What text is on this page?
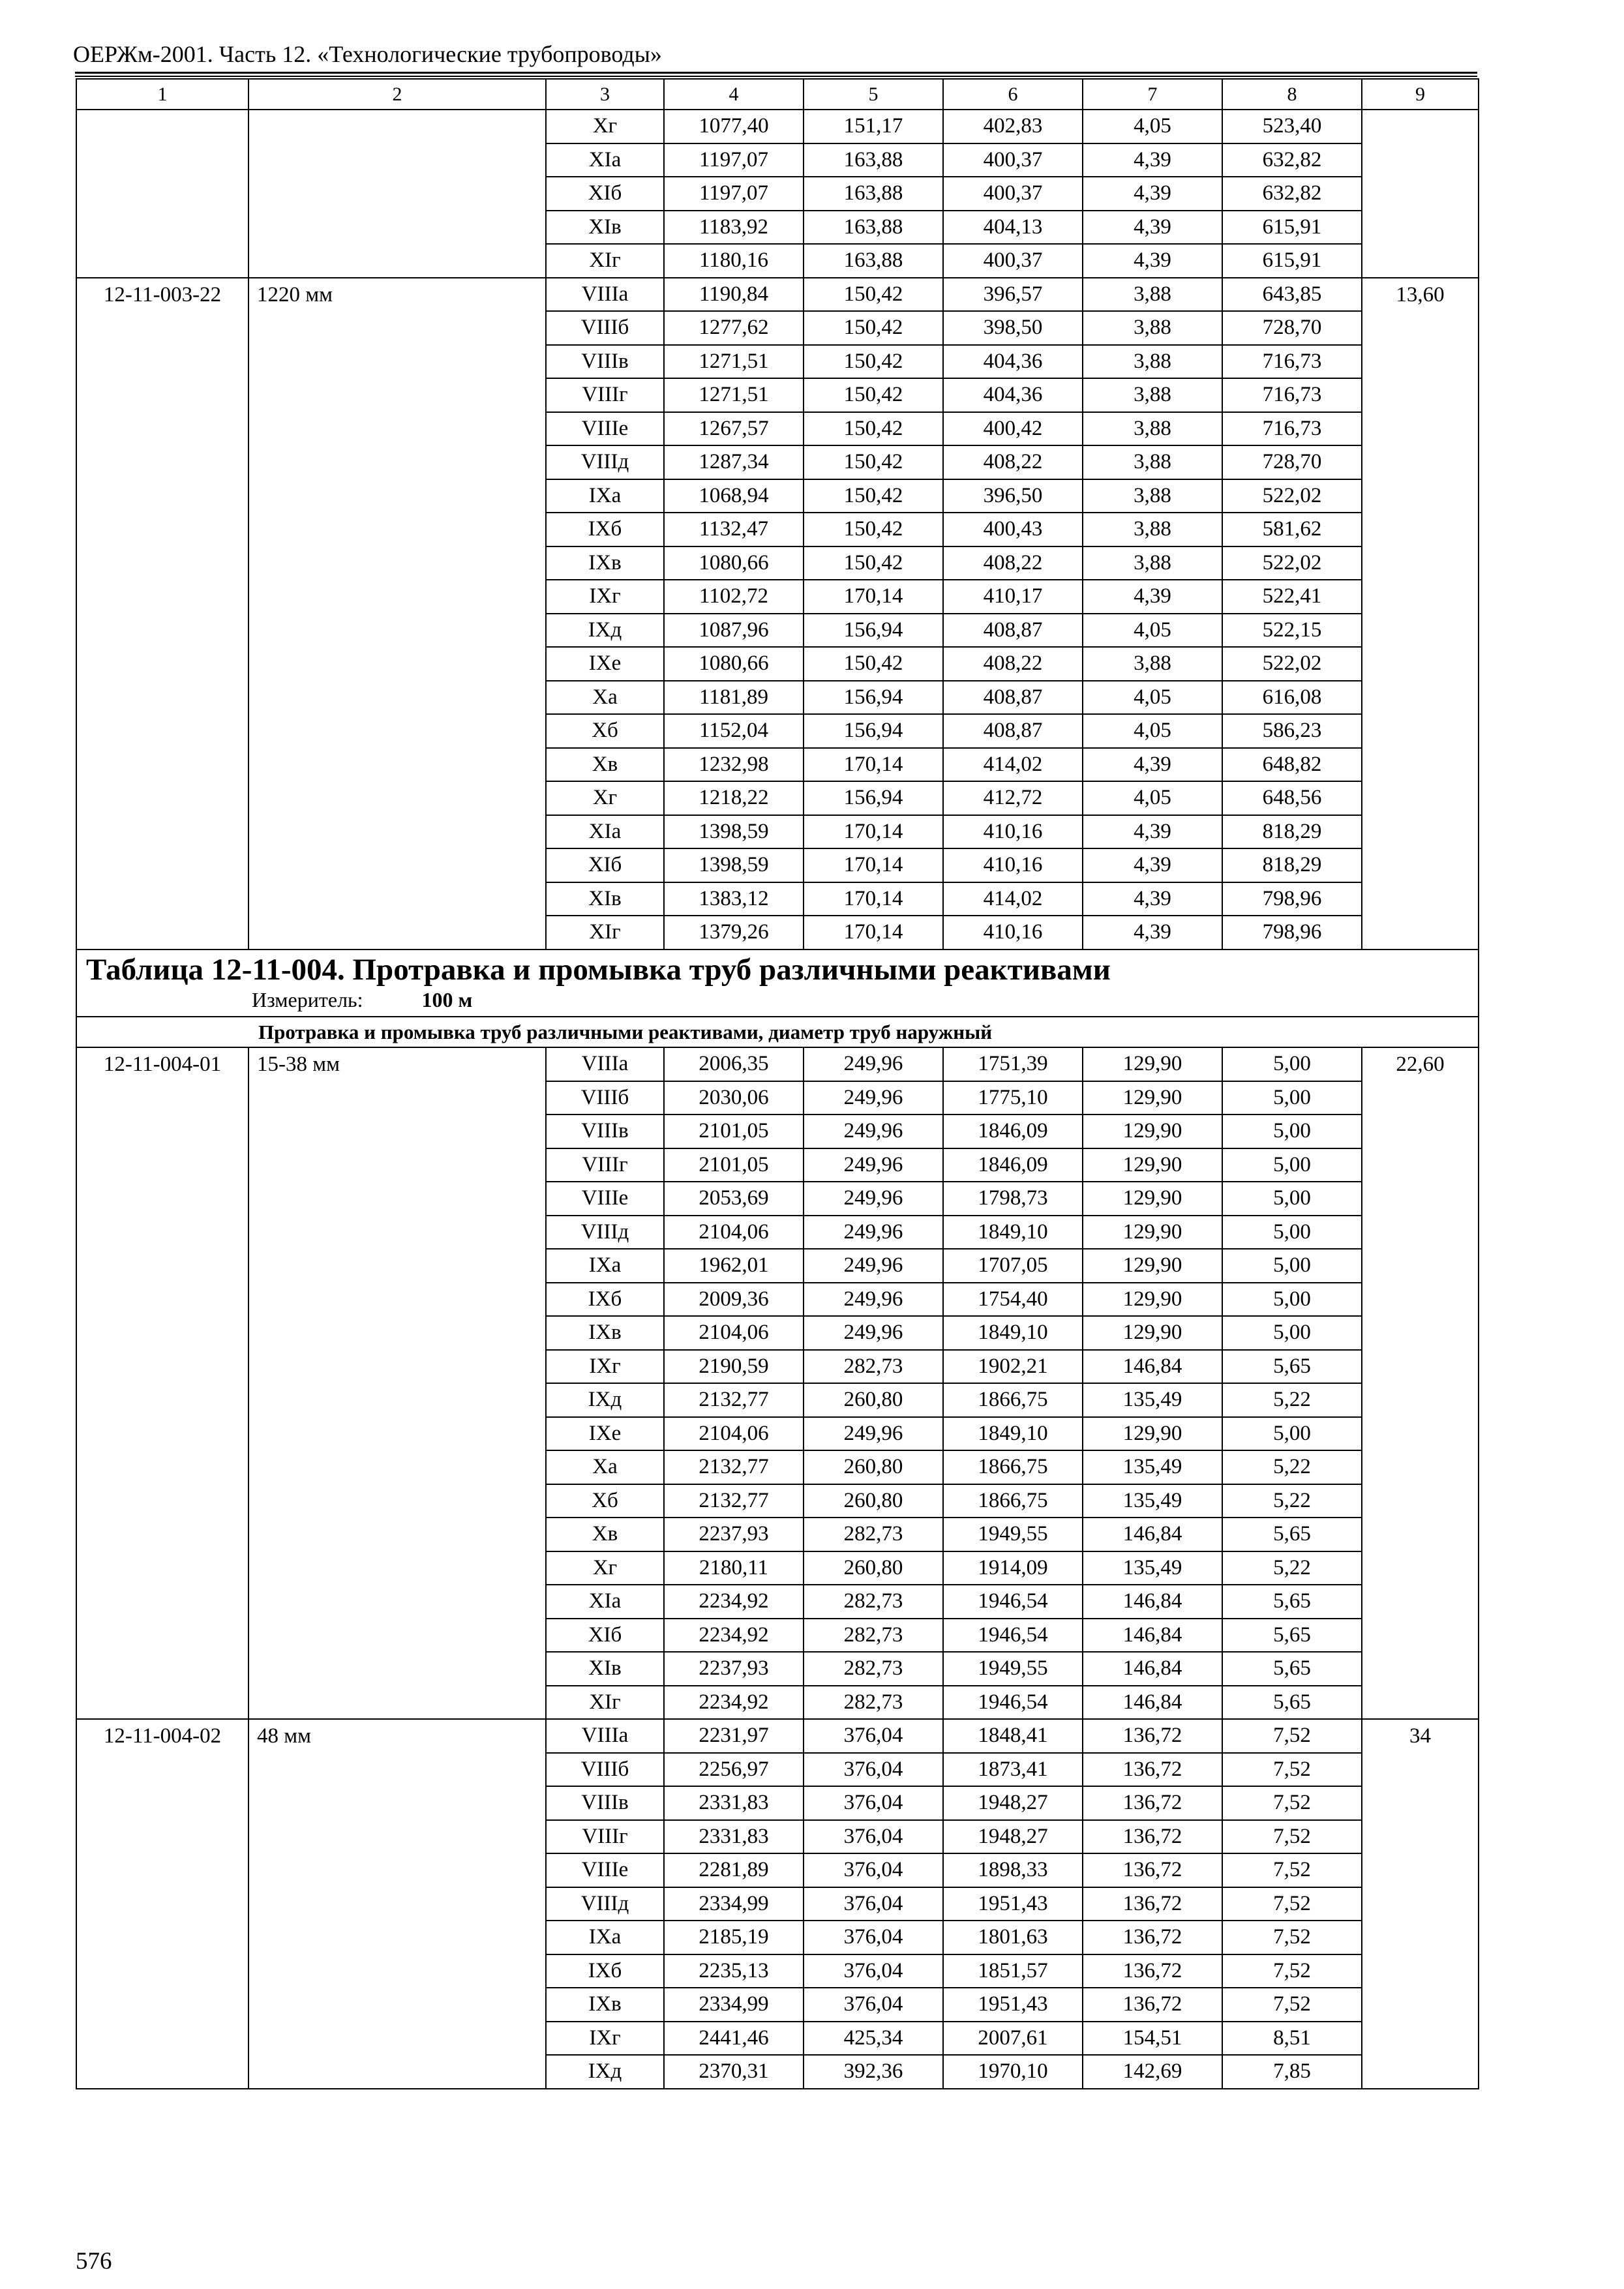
ОЕРЖм-2001. Часть 12. «Технологические трубопроводы»
1	2	3	4	5	6	7	8	9
		Xг	1077,40	151,17	402,83	4,05	523,40	
		XIа	1197,07	163,88	400,37	4,39	632,82	
		XIб	1197,07	163,88	400,37	4,39	632,82	
		XIв	1183,92	163,88	404,13	4,39	615,91	
		XIг	1180,16	163,88	400,37	4,39	615,91	
12-11-003-22	1220 мм	VIIIа	1190,84	150,42	396,57	3,88	643,85	13,60
		VIIIб	1277,62	150,42	398,50	3,88	728,70	
		VIIIв	1271,51	150,42	404,36	3,88	716,73	
		VIIIг	1271,51	150,42	404,36	3,88	716,73	
		VIIIе	1267,57	150,42	400,42	3,88	716,73	
		VIIIд	1287,34	150,42	408,22	3,88	728,70	
		IXа	1068,94	150,42	396,50	3,88	522,02	
		IXб	1132,47	150,42	400,43	3,88	581,62	
		IXв	1080,66	150,42	408,22	3,88	522,02	
		IXг	1102,72	170,14	410,17	4,39	522,41	
		IXд	1087,96	156,94	408,87	4,05	522,15	
		IXе	1080,66	150,42	408,22	3,88	522,02	
		Xа	1181,89	156,94	408,87	4,05	616,08	
		Xб	1152,04	156,94	408,87	4,05	586,23	
		Xв	1232,98	170,14	414,02	4,39	648,82	
		Xг	1218,22	156,94	412,72	4,05	648,56	
		XIа	1398,59	170,14	410,16	4,39	818,29	
		XIб	1398,59	170,14	410,16	4,39	818,29	
		XIв	1383,12	170,14	414,02	4,39	798,96	
		XIг	1379,26	170,14	410,16	4,39	798,96	
Таблица 12-11-004. Протравка и промывка труб различными реактивами								
Измеритель: 100 м								
Протравка и промывка труб различными реактивами, диаметр труб наружный								
12-11-004-01	15-38 мм	VIIIа	2006,35	249,96	1751,39	129,90	5,00	22,60
		VIIIб	2030,06	249,96	1775,10	129,90	5,00	
		VIIIв	2101,05	249,96	1846,09	129,90	5,00	
		VIIIг	2101,05	249,96	1846,09	129,90	5,00	
		VIIIе	2053,69	249,96	1798,73	129,90	5,00	
		VIIIд	2104,06	249,96	1849,10	129,90	5,00	
		IXа	1962,01	249,96	1707,05	129,90	5,00	
		IXб	2009,36	249,96	1754,40	129,90	5,00	
		IXв	2104,06	249,96	1849,10	129,90	5,00	
		IXг	2190,59	282,73	1902,21	146,84	5,65	
		IXд	2132,77	260,80	1866,75	135,49	5,22	
		IXе	2104,06	249,96	1849,10	129,90	5,00	
		Xа	2132,77	260,80	1866,75	135,49	5,22	
		Xб	2132,77	260,80	1866,75	135,49	5,22	
		Xв	2237,93	282,73	1949,55	146,84	5,65	
		Xг	2180,11	260,80	1914,09	135,49	5,22	
		XIа	2234,92	282,73	1946,54	146,84	5,65	
		XIб	2234,92	282,73	1946,54	146,84	5,65	
		XIв	2237,93	282,73	1949,55	146,84	5,65	
		XIг	2234,92	282,73	1946,54	146,84	5,65	
12-11-004-02	48 мм	VIIIа	2231,97	376,04	1848,41	136,72	7,52	34
		VIIIб	2256,97	376,04	1873,41	136,72	7,52	
		VIIIв	2331,83	376,04	1948,27	136,72	7,52	
		VIIIг	2331,83	376,04	1948,27	136,72	7,52	
		VIIIе	2281,89	376,04	1898,33	136,72	7,52	
		VIIIд	2334,99	376,04	1951,43	136,72	7,52	
		IXа	2185,19	376,04	1801,63	136,72	7,52	
		IXб	2235,13	376,04	1851,57	136,72	7,52	
		IXв	2334,99	376,04	1951,43	136,72	7,52	
		IXг	2441,46	425,34	2007,61	154,51	8,51	
		IXд	2370,31	392,36	1970,10	142,69	7,85	
576
